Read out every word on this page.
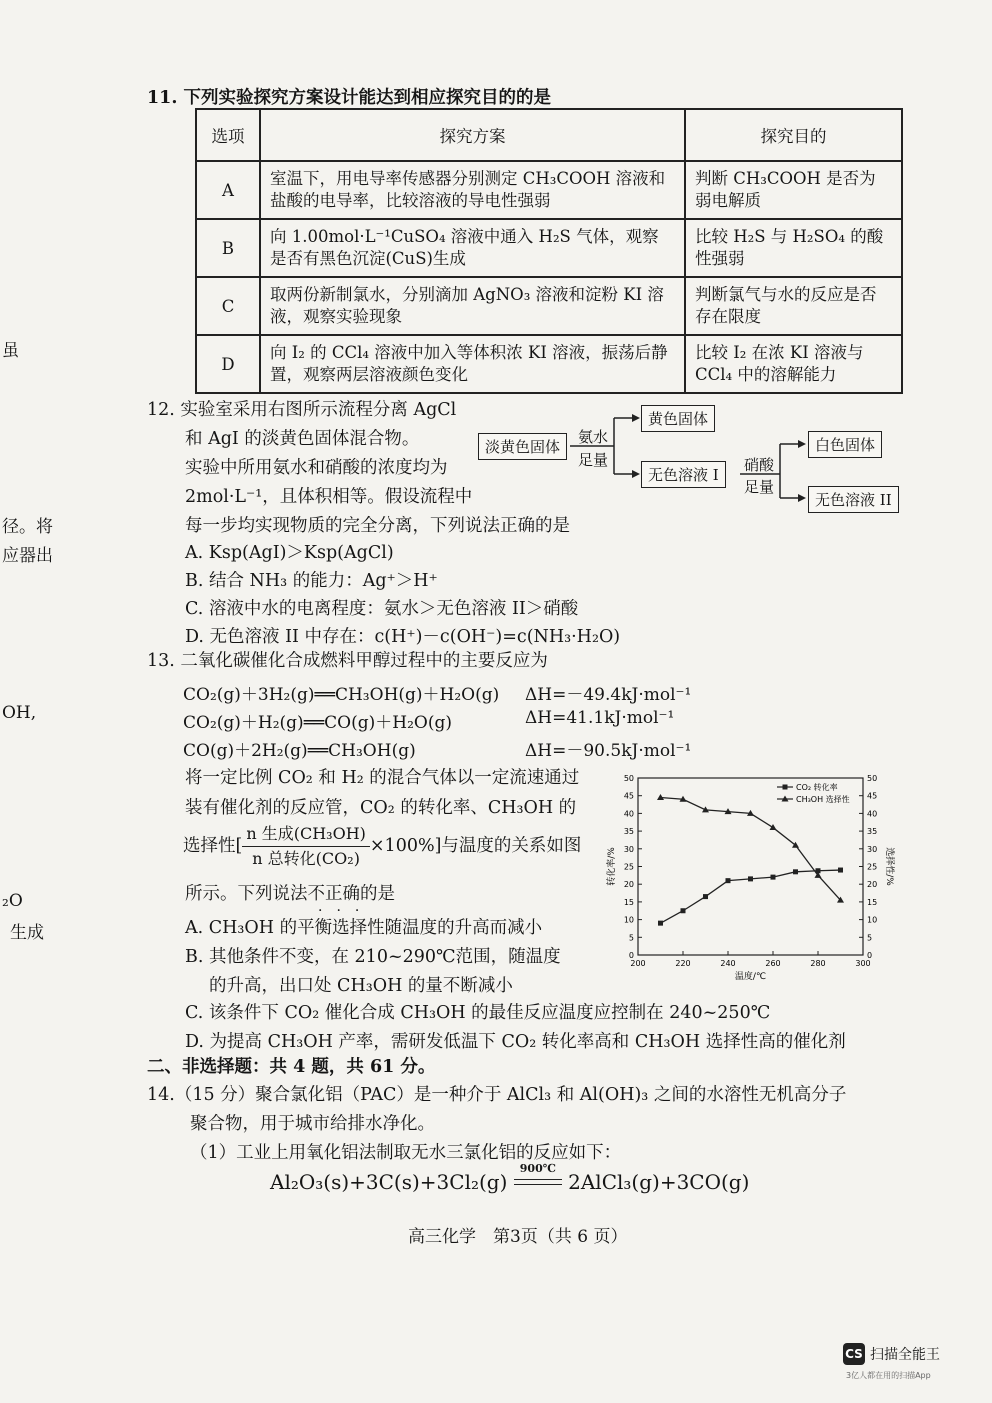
11. 下列实验探究方案设计能达到相应探究目的的是
选项	探究方案	探究目的
A	室温下，用电导率传感器分别测定 CH₃COOH 溶液和盐酸的电导率，比较溶液的导电性强弱	判断 CH₃COOH 是否为弱电解质
B	向 1.00mol·L⁻¹CuSO₄ 溶液中通入 H₂S 气体，观察是否有黑色沉淀(CuS)生成	比较 H₂S 与 H₂SO₄ 的酸性强弱
C	取两份新制氯水，分别滴加 AgNO₃ 溶液和淀粉 KI 溶液，观察实验现象	判断氯气与水的反应是否存在限度
D	向 I₂ 的 CCl₄ 溶液中加入等体积浓 KI 溶液，振荡后静置，观察两层溶液颜色变化	比较 I₂ 在浓 KI 溶液与 CCl₄ 中的溶解能力
12. 实验室采用右图所示流程分离 AgCl
和 AgI 的淡黄色固体混合物。
实验中所用氨水和硝酸的浓度均为
2mol·L⁻¹，且体积相等。假设流程中
每一步均实现物质的完全分离，下列说法正确的是
A. Ksp(AgI)＞Ksp(AgCl)
B. 结合 NH₃ 的能力：Ag⁺＞H⁺
C. 溶液中水的电离程度：氨水＞无色溶液 II＞硝酸
D. 无色溶液 II 中存在：c(H⁺)－c(OH⁻)=c(NH₃·H₂O)
淡黄色固体
氨水
足量
黄色固体
无色溶液 I
硝酸
足量
白色固体
无色溶液 II
13. 二氧化碳催化合成燃料甲醇过程中的主要反应为
CO₂(g)＋3H₂(g)══CH₃OH(g)＋H₂O(g) ΔH=－49.4kJ·mol⁻¹
CO₂(g)＋H₂(g)══CO(g)＋H₂O(g)	ΔH=41.1kJ·mol⁻¹
CO(g)＋2H₂(g)══CH₃OH(g)	ΔH=－90.5kJ·mol⁻¹
将一定比例 CO₂ 和 H₂ 的混合气体以一定流速通过
装有催化剂的反应管，CO₂ 的转化率、CH₃OH 的
选择性[ $\frac{\text{n 生成(CH₃OH)}}{\text{n 总转化(CO₂)}} \times 100\%$]与温度的关系如图
所示。下列说法不正确的是
···
A. CH₃OH 的平衡选择性随温度的升高而减小
B. 其他条件不变，在 210~290℃范围，随温度
的升高，出口处 CH₃OH 的量不断减小
C. 该条件下 CO₂ 催化合成 CH₃OH 的最佳反应温度应控制在 240~250℃
D. 为提高 CH₃OH 产率，需研发低温下 CO₂ 转化率高和 CH₃OH 选择性高的催化剂
0	0
5	5
10	10
15	15
20	20
25	25
30	30
35	35
40	40
45	45
50	50
200	220	240	260	280	300
温度/℃
转化率/%	选择性/%
CO₂ 转化率
CH₃OH 选择性
二、非选择题：共 4 题，共 61 分。
14.（15 分）聚合氯化铝（PAC）是一种介于 AlCl₃ 和 Al(OH)₃ 之间的水溶性无机高分子
聚合物，用于城市给排水净化。
（1）工业上用氧化铝法制取无水三氯化铝的反应如下：
Al₂O₃(s)+3C(s)+3Cl₂(g)
900℃
2AlCl₃(g)+3CO(g)
高三化学　第3页（共 6 页）
虽
径。将
应器出
OH,
₂O
生成
CS 扫描全能王
3亿人都在用的扫描App
